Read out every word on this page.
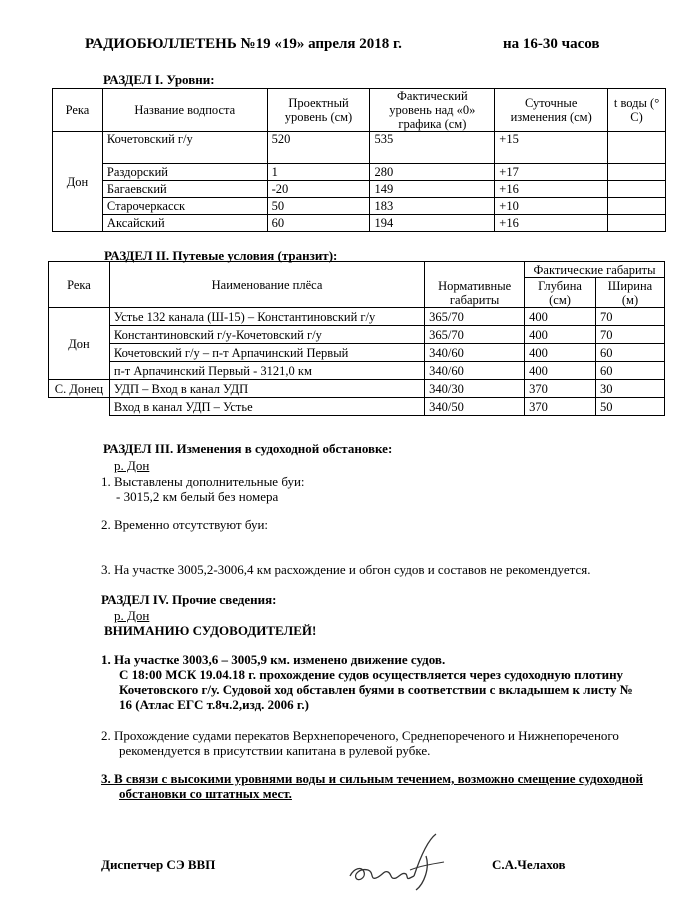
РАДИОБЮЛЛЕТЕНЬ №19 «19» апреля 2018 г.	на 16-30 часов
РАЗДЕЛ I. Уровни:
Река	Название водпоста	Проектный уровень (см)	Фактический уровень над «0» графика (см)	Суточные изменения (см)	t воды (° С)
Дон	Кочетовский г/у	520	535	+15	
	Раздорский	1	280	+17	
	Багаевский	-20	149	+16	
	Старочеркасск	50	183	+10	
	Аксайский	60	194	+16	
РАЗДЕЛ II. Путевые условия (транзит):
Река	Наименование плёса	Нормативные габариты	Фактические габариты	
			Глубина (см)	Ширина (м)
Дон	Устье 132 канала (Ш-15) – Константиновский г/у	365/70	400	70
	Константиновский г/у-Кочетовский г/у	365/70	400	70
	Кочетовский г/у – п-т Арпачинский Первый	340/60	400	60
	п-т Арпачинский Первый - 3121,0 км	340/60	400	60
С. Донец	УДП – Вход в канал УДП	340/30	370	30
	Вход в канал УДП – Устье	340/50	370	50
РАЗДЕЛ III. Изменения в судоходной обстановке:
р. Дон
1. Выставлены дополнительные буи:
- 3015,2 км белый без номера
2. Временно отсутствуют буи:
3. На участке 3005,2-3006,4 км расхождение и обгон судов и составов не рекомендуется.
РАЗДЕЛ IV. Прочие сведения:
р. Дон
ВНИМАНИЮ СУДОВОДИТЕЛЕЙ!
1. На участке 3003,6 – 3005,9 км. изменено движение судов.
С 18:00 МСК 19.04.18 г. прохождение судов осуществляется через судоходную плотину
Кочетовского г/у. Судовой ход обставлен буями в соответствии с вкладышем к листу №
16 (Атлас ЕГС т.8ч.2,изд. 2006 г.)
2. Прохождение судами перекатов Верхнепореченого, Среднепореченого и Нижнепореченого
рекомендуется в присутствии капитана в рулевой рубке.
3. В связи с высокими уровнями воды и сильным течением, возможно смещение судоходной
обстановки со штатных мест.
Диспетчер СЭ ВВП	С.А.Челахов
